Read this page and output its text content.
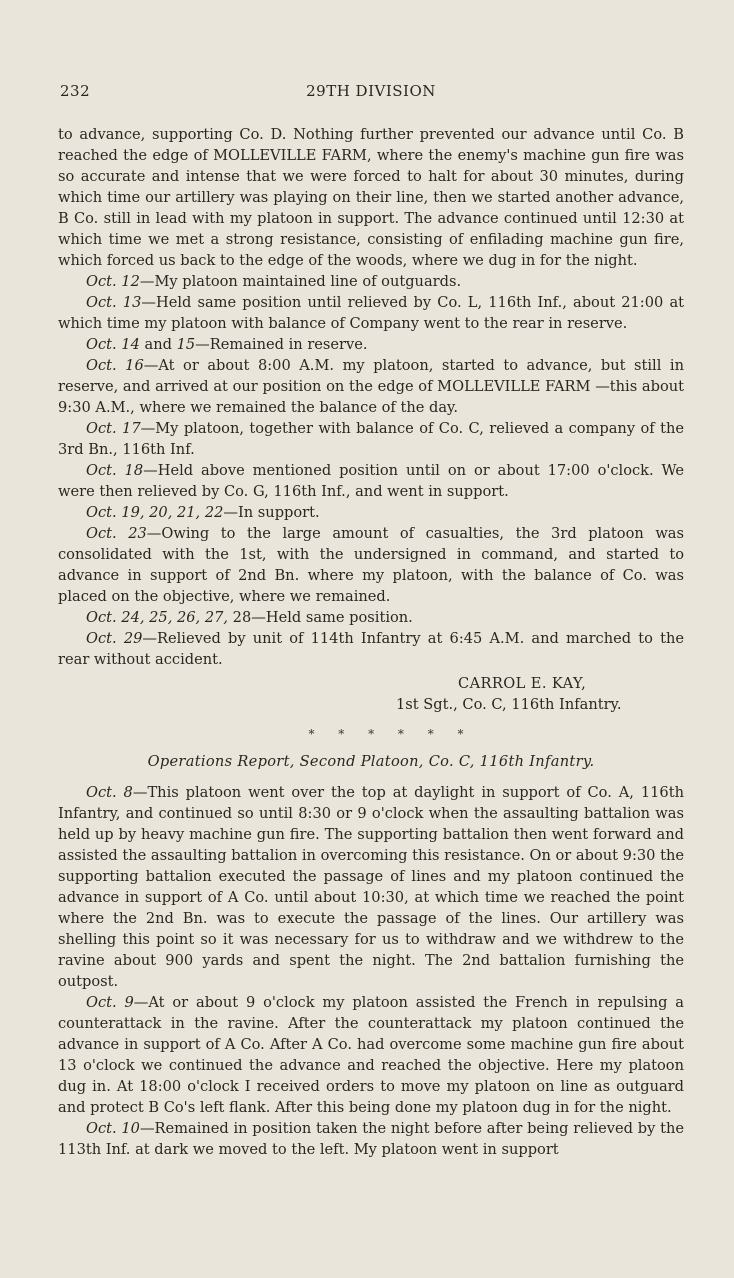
232	29TH DIVISION

to advance, supporting Co. D. Nothing further prevented our advance until Co. B reached the edge of MOLLEVILLE FARM, where the enemy's machine gun fire was so accurate and intense that we were forced to halt for about 30 minutes, during which time our artillery was playing on their line, then we started another advance, B Co. still in lead with my platoon in support. The advance continued until 12:30 at which time we met a strong resistance, consisting of enfilading machine gun fire, which forced us back to the edge of the woods, where we dug in for the night.

Oct. 12—My platoon maintained line of outguards.

Oct. 13—Held same position until relieved by Co. L, 116th Inf., about 21:00 at which time my platoon with balance of Company went to the rear in reserve.

Oct. 14 and 15—Remained in reserve.

Oct. 16—At or about 8:00 A.M. my platoon, started to advance, but still in reserve, and arrived at our position on the edge of MOLLEVILLE FARM —this about 9:30 A.M., where we remained the balance of the day.

Oct. 17—My platoon, together with balance of Co. C, relieved a company of the 3rd Bn., 116th Inf.

Oct. 18—Held above mentioned position until on or about 17:00 o'clock. We were then relieved by Co. G, 116th Inf., and went in support.

Oct. 19, 20, 21, 22—In support.

Oct. 23—Owing to the large amount of casualties, the 3rd platoon was consolidated with the 1st, with the undersigned in command, and started to advance in support of 2nd Bn. where my platoon, with the balance of Co. was placed on the objective, where we remained.

Oct. 24, 25, 26, 27, 28—Held same position.

Oct. 29—Relieved by unit of 114th Infantry at 6:45 A.M. and marched to the rear without accident.

CARROL E. KAY,
1st Sgt., Co. C, 116th Infantry.
* * * * * *
Operations Report, Second Platoon, Co. C, 116th Infantry.

Oct. 8—This platoon went over the top at daylight in support of Co. A, 116th Infantry, and continued so until 8:30 or 9 o'clock when the assaulting battalion was held up by heavy machine gun fire. The supporting battalion then went forward and assisted the assaulting battalion in overcoming this resistance. On or about 9:30 the supporting battalion executed the passage of lines and my platoon continued the advance in support of A Co. until about 10:30, at which time we reached the point where the 2nd Bn. was to execute the passage of the lines. Our artillery was shelling this point so it was necessary for us to withdraw and we withdrew to the ravine about 900 yards and spent the night. The 2nd battalion furnishing the outpost.

Oct. 9—At or about 9 o'clock my platoon assisted the French in repulsing a counterattack in the ravine. After the counterattack my platoon continued the advance in support of A Co. After A Co. had overcome some machine gun fire about 13 o'clock we continued the advance and reached the objective. Here my platoon dug in. At 18:00 o'clock I received orders to move my platoon on line as outguard and protect B Co's left flank. After this being done my platoon dug in for the night.

Oct. 10—Remained in position taken the night before after being relieved by the 113th Inf. at dark we moved to the left. My platoon went in support
